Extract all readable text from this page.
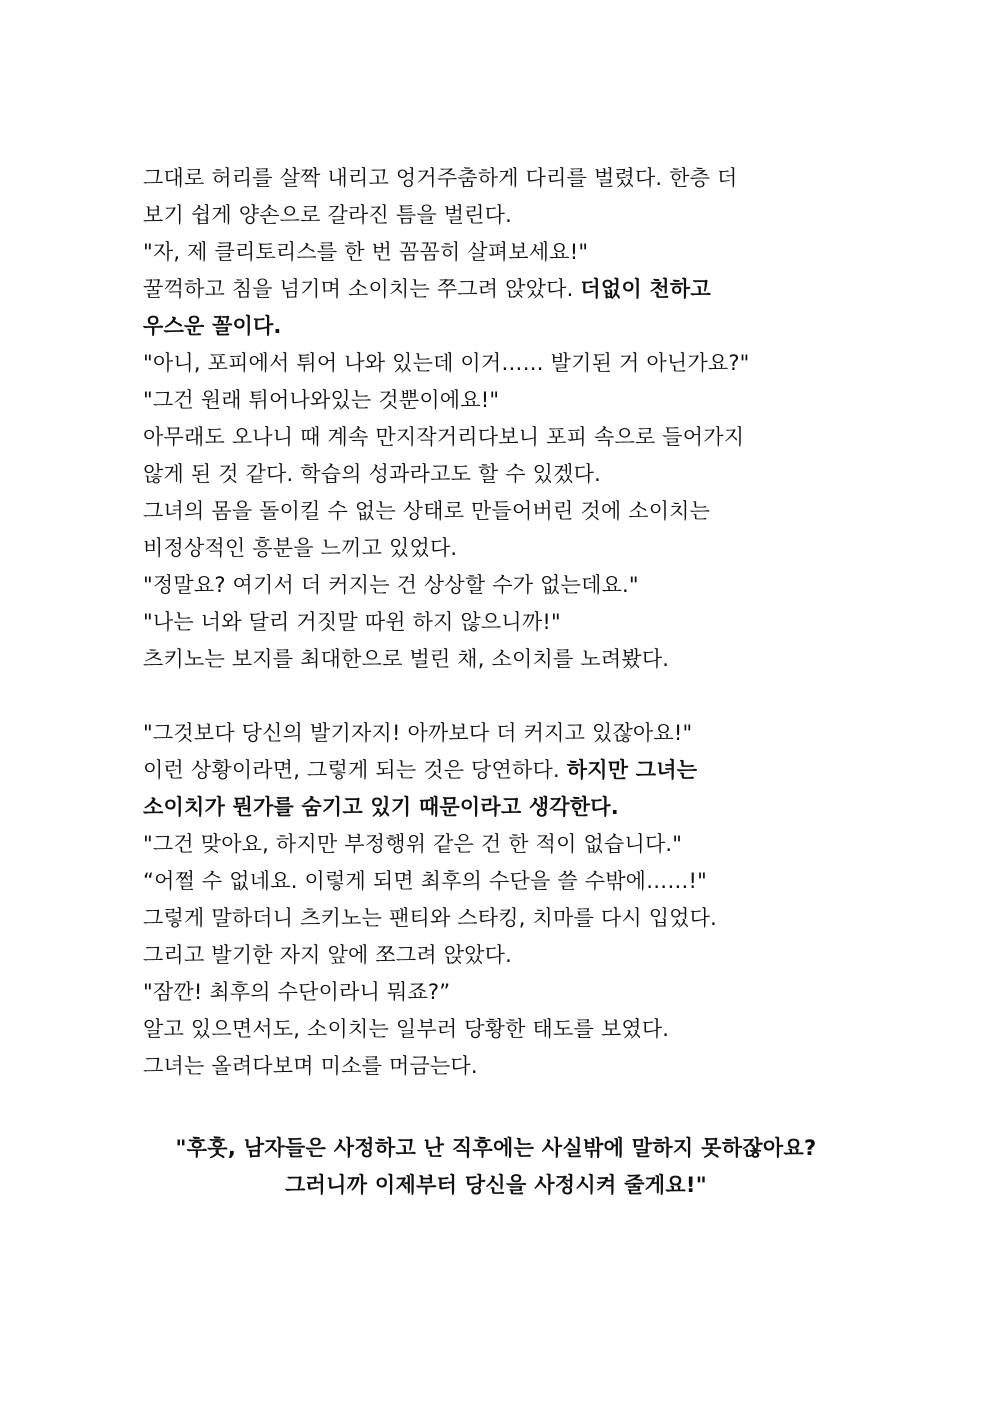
그대로 허리를 살짝 내리고 엉거주춤하게 다리를 벌렸다. 한층 더
보기 쉽게 양손으로 갈라진 틈을 벌린다.
"자, 제 클리토리스를 한 번 꼼꼼히 살펴보세요!"
꿀꺽하고 침을 넘기며 소이치는 쭈그려 앉았다. 더없이 천하고
우스운 꼴이다.
"아니, 포피에서 튀어 나와 있는데 이거…… 발기된 거 아닌가요?"
"그건 원래 튀어나와있는 것뿐이에요!"
아무래도 오나니 때 계속 만지작거리다보니 포피 속으로 들어가지
않게 된 것 같다. 학습의 성과라고도 할 수 있겠다.
그녀의 몸을 돌이킬 수 없는 상태로 만들어버린 것에 소이치는
비정상적인 흥분을 느끼고 있었다.
"정말요? 여기서 더 커지는 건 상상할 수가 없는데요."
"나는 너와 달리 거짓말 따윈 하지 않으니까!"
츠키노는 보지를 최대한으로 벌린 채, 소이치를 노려봤다.
"그것보다 당신의 발기자지! 아까보다 더 커지고 있잖아요!"
이런 상황이라면, 그렇게 되는 것은 당연하다. 하지만 그녀는
소이치가 뭔가를 숨기고 있기 때문이라고 생각한다.
"그건 맞아요, 하지만 부정행위 같은 건 한 적이 없습니다."
“어쩔 수 없네요. 이렇게 되면 최후의 수단을 쓸 수밖에……!"
그렇게 말하더니 츠키노는 팬티와 스타킹, 치마를 다시 입었다.
그리고 발기한 자지 앞에 쪼그려 앉았다.
"잠깐! 최후의 수단이라니 뭐죠?”
알고 있으면서도, 소이치는 일부러 당황한 태도를 보였다.
그녀는 올려다보며 미소를 머금는다.
"후훗, 남자들은 사정하고 난 직후에는 사실밖에 말하지 못하잖아요?
그러니까 이제부터 당신을 사정시켜 줄게요!"
